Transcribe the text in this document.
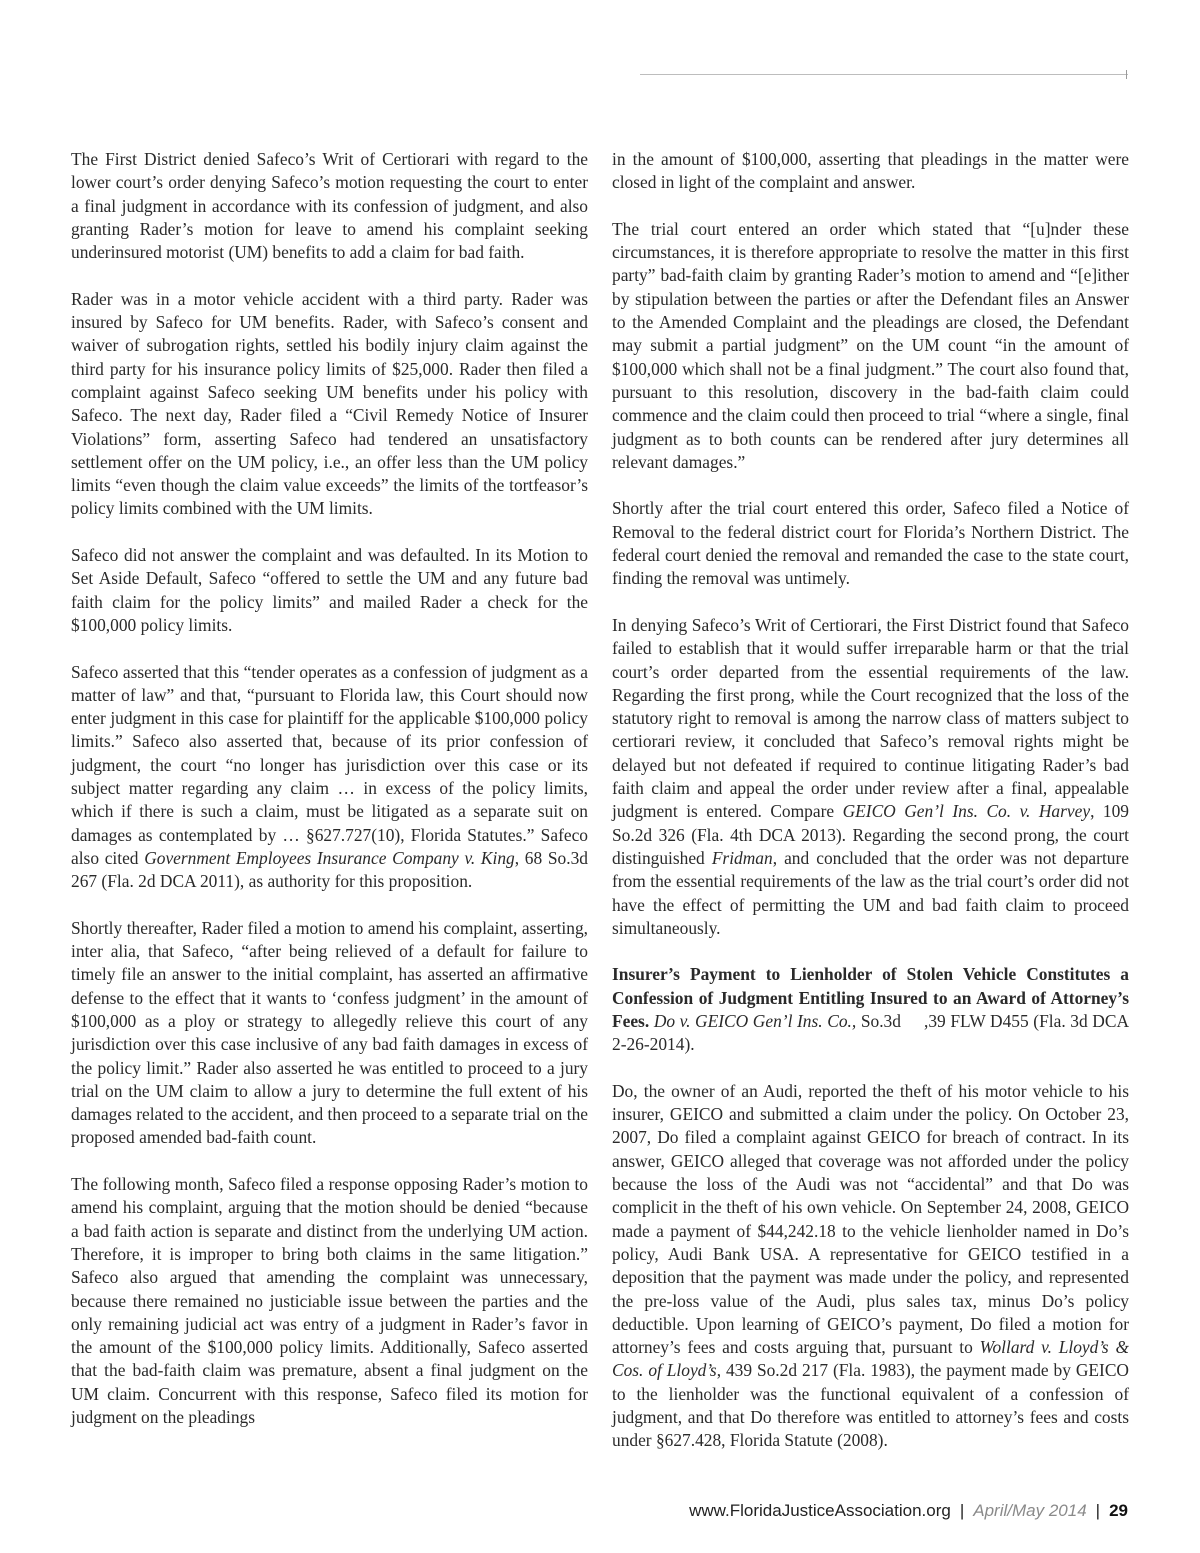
The First District denied Safeco’s Writ of Certiorari with regard to the lower court’s order denying Safeco’s motion requesting the court to enter a final judgment in accordance with its confession of judgment, and also granting Rader’s motion for leave to amend his complaint seeking underinsured motorist (UM) benefits to add a claim for bad faith.

Rader was in a motor vehicle accident with a third party. Rader was insured by Safeco for UM benefits. Rader, with Safeco’s consent and waiver of subrogation rights, settled his bodily injury claim against the third party for his insurance policy limits of $25,000. Rader then filed a complaint against Safeco seeking UM benefits under his policy with Safeco. The next day, Rader filed a “Civil Remedy Notice of Insurer Violations” form, asserting Safeco had tendered an unsatisfactory settlement offer on the UM policy, i.e., an offer less than the UM policy limits “even though the claim value exceeds” the limits of the tortfeasor’s policy limits combined with the UM limits.

Safeco did not answer the complaint and was defaulted. In its Motion to Set Aside Default, Safeco “offered to settle the UM and any future bad faith claim for the policy limits” and mailed Rader a check for the $100,000 policy limits.

Safeco asserted that this “tender operates as a confession of judgment as a matter of law” and that, “pursuant to Florida law, this Court should now enter judgment in this case for plaintiff for the applicable $100,000 policy limits.” Safeco also asserted that, because of its prior confession of judgment, the court “no longer has jurisdiction over this case or its subject matter regarding any claim … in excess of the policy limits, which if there is such a claim, must be litigated as a separate suit on damages as contemplated by … §627.727(10), Florida Statutes.” Safeco also cited Government Employees Insurance Company v. King, 68 So.3d 267 (Fla. 2d DCA 2011), as authority for this proposition.

Shortly thereafter, Rader filed a motion to amend his complaint, asserting, inter alia, that Safeco, “after being relieved of a default for failure to timely file an answer to the initial complaint, has asserted an affirmative defense to the effect that it wants to ‘confess judgment’ in the amount of $100,000 as a ploy or strategy to allegedly relieve this court of any jurisdiction over this case inclusive of any bad faith damages in excess of the policy limit.” Rader also asserted he was entitled to proceed to a jury trial on the UM claim to allow a jury to determine the full extent of his damages related to the accident, and then proceed to a separate trial on the proposed amended bad-faith count.

The following month, Safeco filed a response opposing Rader’s motion to amend his complaint, arguing that the motion should be denied “because a bad faith action is separate and distinct from the underlying UM action. Therefore, it is improper to bring both claims in the same litigation.” Safeco also argued that amending the complaint was unnecessary, because there remained no justiciable issue between the parties and the only remaining judicial act was entry of a judgment in Rader’s favor in the amount of the $100,000 policy limits. Additionally, Safeco asserted that the bad-faith claim was premature, absent a final judgment on the UM claim. Concurrent with this response, Safeco filed its motion for judgment on the pleadings

in the amount of $100,000, asserting that pleadings in the matter were closed in light of the complaint and answer.

The trial court entered an order which stated that “[u]nder these circumstances, it is therefore appropriate to resolve the matter in this first party” bad-faith claim by granting Rader’s motion to amend and “[e]ither by stipulation between the parties or after the Defendant files an Answer to the Amended Complaint and the pleadings are closed, the Defendant may submit a partial judgment” on the UM count “in the amount of $100,000 which shall not be a final judgment.” The court also found that, pursuant to this resolution, discovery in the bad-faith claim could commence and the claim could then proceed to trial “where a single, final judgment as to both counts can be rendered after jury determines all relevant damages.”

Shortly after the trial court entered this order, Safeco filed a Notice of Removal to the federal district court for Florida’s Northern District. The federal court denied the removal and remanded the case to the state court, finding the removal was untimely.

In denying Safeco’s Writ of Certiorari, the First District found that Safeco failed to establish that it would suffer irreparable harm or that the trial court’s order departed from the essential requirements of the law. Regarding the first prong, while the Court recognized that the loss of the statutory right to removal is among the narrow class of matters subject to certiorari review, it concluded that Safeco’s removal rights might be delayed but not defeated if required to continue litigating Rader’s bad faith claim and appeal the order under review after a final, appealable judgment is entered. Compare GEICO Gen’l Ins. Co. v. Harvey, 109 So.2d 326 (Fla. 4th DCA 2013). Regarding the second prong, the court distinguished Fridman, and concluded that the order was not departure from the essential requirements of the law as the trial court’s order did not have the effect of permitting the UM and bad faith claim to proceed simultaneously.

Insurer’s Payment to Lienholder of Stolen Vehicle Constitutes a Confession of Judgment Entitling Insured to an Award of Attorney’s Fees. Do v. GEICO Gen’l Ins. Co., So.3d     ,39 FLW D455 (Fla. 3d DCA 2-26-2014).

Do, the owner of an Audi, reported the theft of his motor vehicle to his insurer, GEICO and submitted a claim under the policy. On October 23, 2007, Do filed a complaint against GEICO for breach of contract. In its answer, GEICO alleged that coverage was not afforded under the policy because the loss of the Audi was not “accidental” and that Do was complicit in the theft of his own vehicle. On September 24, 2008, GEICO made a payment of $44,242.18 to the vehicle lienholder named in Do’s policy, Audi Bank USA. A representative for GEICO testified in a deposition that the payment was made under the policy, and represented the pre-loss value of the Audi, plus sales tax, minus Do’s policy deductible. Upon learning of GEICO’s payment, Do filed a motion for attorney’s fees and costs arguing that, pursuant to Wollard v. Lloyd’s & Cos. of Lloyd’s, 439 So.2d 217 (Fla. 1983), the payment made by GEICO to the lienholder was the functional equivalent of a confession of judgment, and that Do therefore was entitled to attorney’s fees and costs under §627.428, Florida Statute (2008).

www.FloridaJusticeAssociation.org | April/May 2014 | 29
